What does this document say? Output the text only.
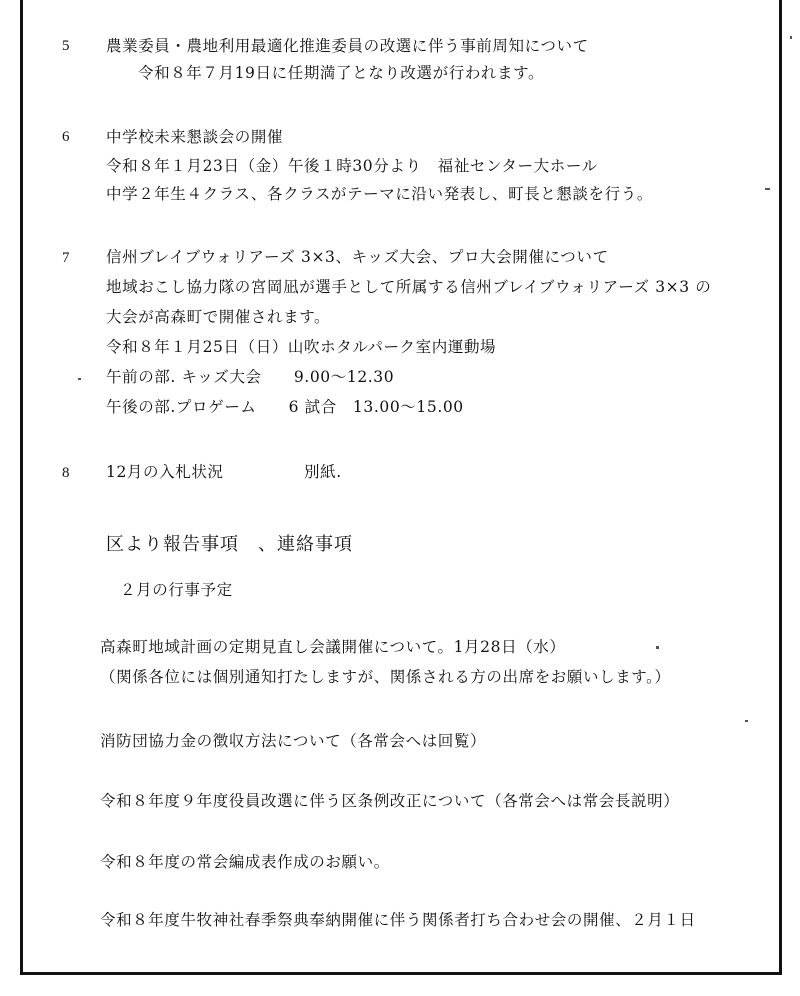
5 農業委員・農地利用最適化推進委員の改選に伴う事前周知について
令和８年７月19日に任期満了となり改選が行われます。
6 中学校未来懇談会の開催
令和８年１月23日（金）午後１時30分より　福祉センター大ホール
中学２年生４クラス、各クラスがテーマに沿い発表し、町長と懇談を行う。
7 信州ブレイブウォリアーズ 3×3、キッズ大会、プロ大会開催について
地域おこし協力隊の宮岡凪が選手として所属する信州ブレイブウォリアーズ 3×3 の
大会が高森町で開催されます。
令和８年１月25日（日）山吹ホタルパーク室内運動場
午前の部. キッズ大会　　9.00～12.30
午後の部.プロゲーム　　6 試合　13.00～15.00
8 12月の入札状況　　　　　別紙.
区より報告事項　、連絡事項
２月の行事予定
高森町地域計画の定期見直し会議開催について。1月28日（水）
（関係各位には個別通知打たしますが、関係される方の出席をお願いします。）
消防団協力金の徴収方法について（各常会へは回覧）
令和８年度９年度役員改選に伴う区条例改正について（各常会へは常会長説明）
令和８年度の常会編成表作成のお願い。
令和８年度牛牧神社春季祭典奉納開催に伴う関係者打ち合わせ会の開催、２月１日
